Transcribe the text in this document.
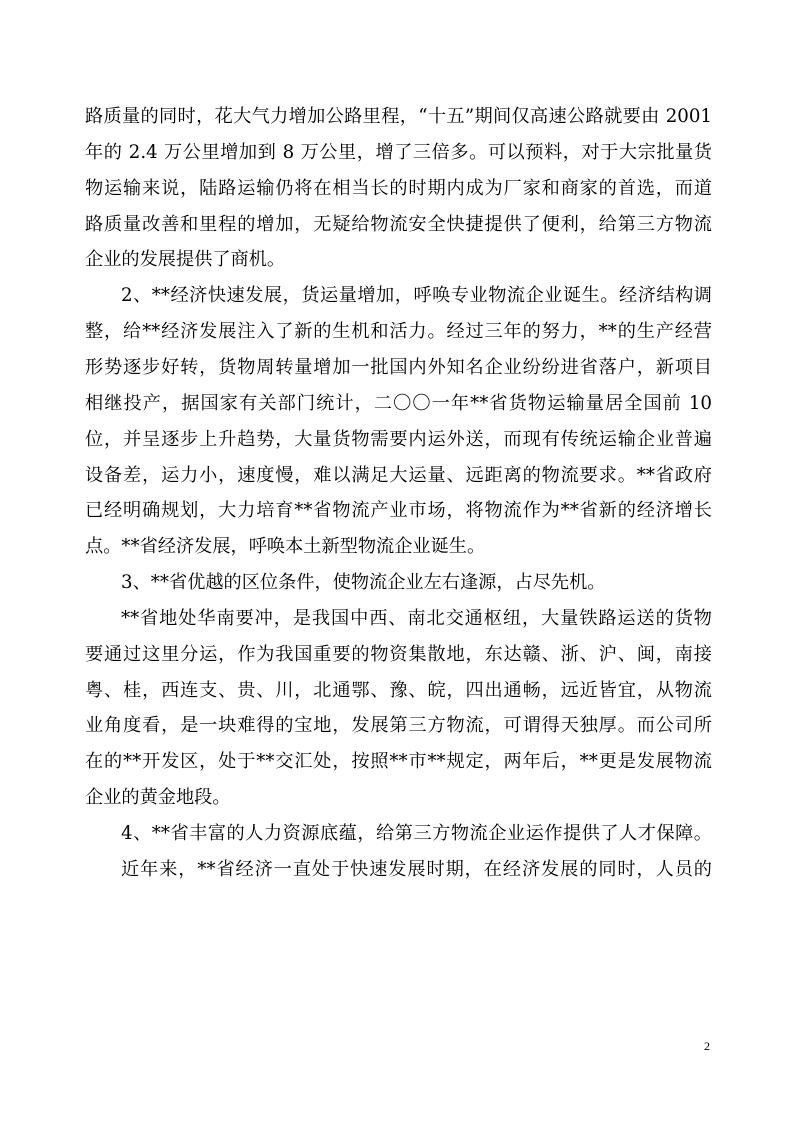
路质量的同时，花大气力增加公路里程，“十五”期间仅高速公路就要由 2001
年的 2.4 万公里增加到 8 万公里，增了三倍多。可以预料，对于大宗批量货
物运输来说，陆路运输仍将在相当长的时期内成为厂家和商家的首选，而道
路质量改善和里程的增加，无疑给物流安全快捷提供了便利，给第三方物流
企业的发展提供了商机。
2、**经济快速发展，货运量增加，呼唤专业物流企业诞生。经济结构调
整，给**经济发展注入了新的生机和活力。经过三年的努力，**的生产经营
形势逐步好转，货物周转量增加一批国内外知名企业纷纷进省落户，新项目
相继投产，据国家有关部门统计，二〇〇一年**省货物运输量居全国前 10
位，并呈逐步上升趋势，大量货物需要内运外送，而现有传统运输企业普遍
设备差，运力小，速度慢，难以满足大运量、远距离的物流要求。**省政府
已经明确规划，大力培育**省物流产业市场，将物流作为**省新的经济增长
点。**省经济发展，呼唤本土新型物流企业诞生。
3、**省优越的区位条件，使物流企业左右逢源，占尽先机。
**省地处华南要冲，是我国中西、南北交通枢纽，大量铁路运送的货物
要通过这里分运，作为我国重要的物资集散地，东达赣、浙、沪、闽，南接
粤、桂，西连支、贵、川，北通鄂、豫、皖，四出通畅，远近皆宜，从物流
业角度看，是一块难得的宝地，发展第三方物流，可谓得天独厚。而公司所
在的**开发区，处于**交汇处，按照**市**规定，两年后，**更是发展物流
企业的黄金地段。
4、**省丰富的人力资源底蕴，给第三方物流企业运作提供了人才保障。
近年来，**省经济一直处于快速发展时期，在经济发展的同时，人员的
2
